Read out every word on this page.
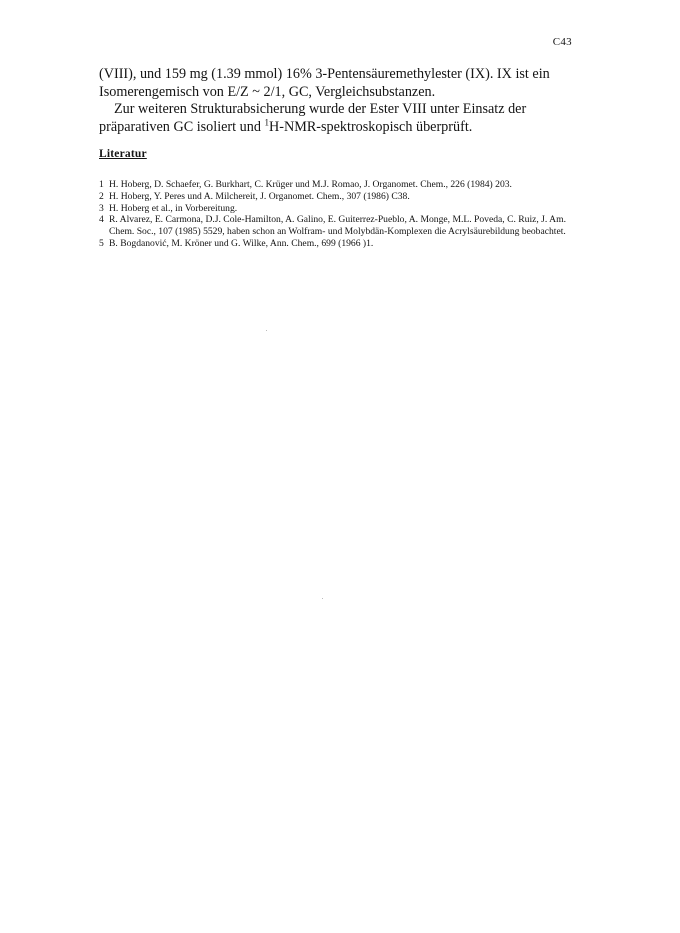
C43

(VIII), und 159 mg (1.39 mmol) 16% 3-Pentensäuremethylester (IX). IX ist ein
Isomerengemisch von E/Z ~ 2/1, GC, Vergleichsubstanzen.

Zur weiteren Strukturabsicherung wurde der Ester VIII unter Einsatz der
präparativen GC isoliert und $^1$H-NMR-spektroskopisch überprüft.

Literatur
1 H. Hoberg, D. Schaefer, G. Burkhart, C. Krüger und M.J. Romao, J. Organomet. Chem., 226 (1984) 203.
2 H. Hoberg, Y. Peres und A. Milchereit, J. Organomet. Chem., 307 (1986) C38.
3 H. Hoberg et al., in Vorbereitung.
4 R. Alvarez, E. Carmona, D.J. Cole-Hamilton, A. Galino, E. Guiterrez-Pueblo, A. Monge, M.L. Poveda, C. Ruiz, J. Am. Chem. Soc., 107 (1985) 5529, haben schon an Wolfram- und Molybdän-Komplexen die Acrylsäurebildung beobachtet.
5 B. Bogdanović, M. Kröner und G. Wilke, Ann. Chem., 699 (1966 )1.
